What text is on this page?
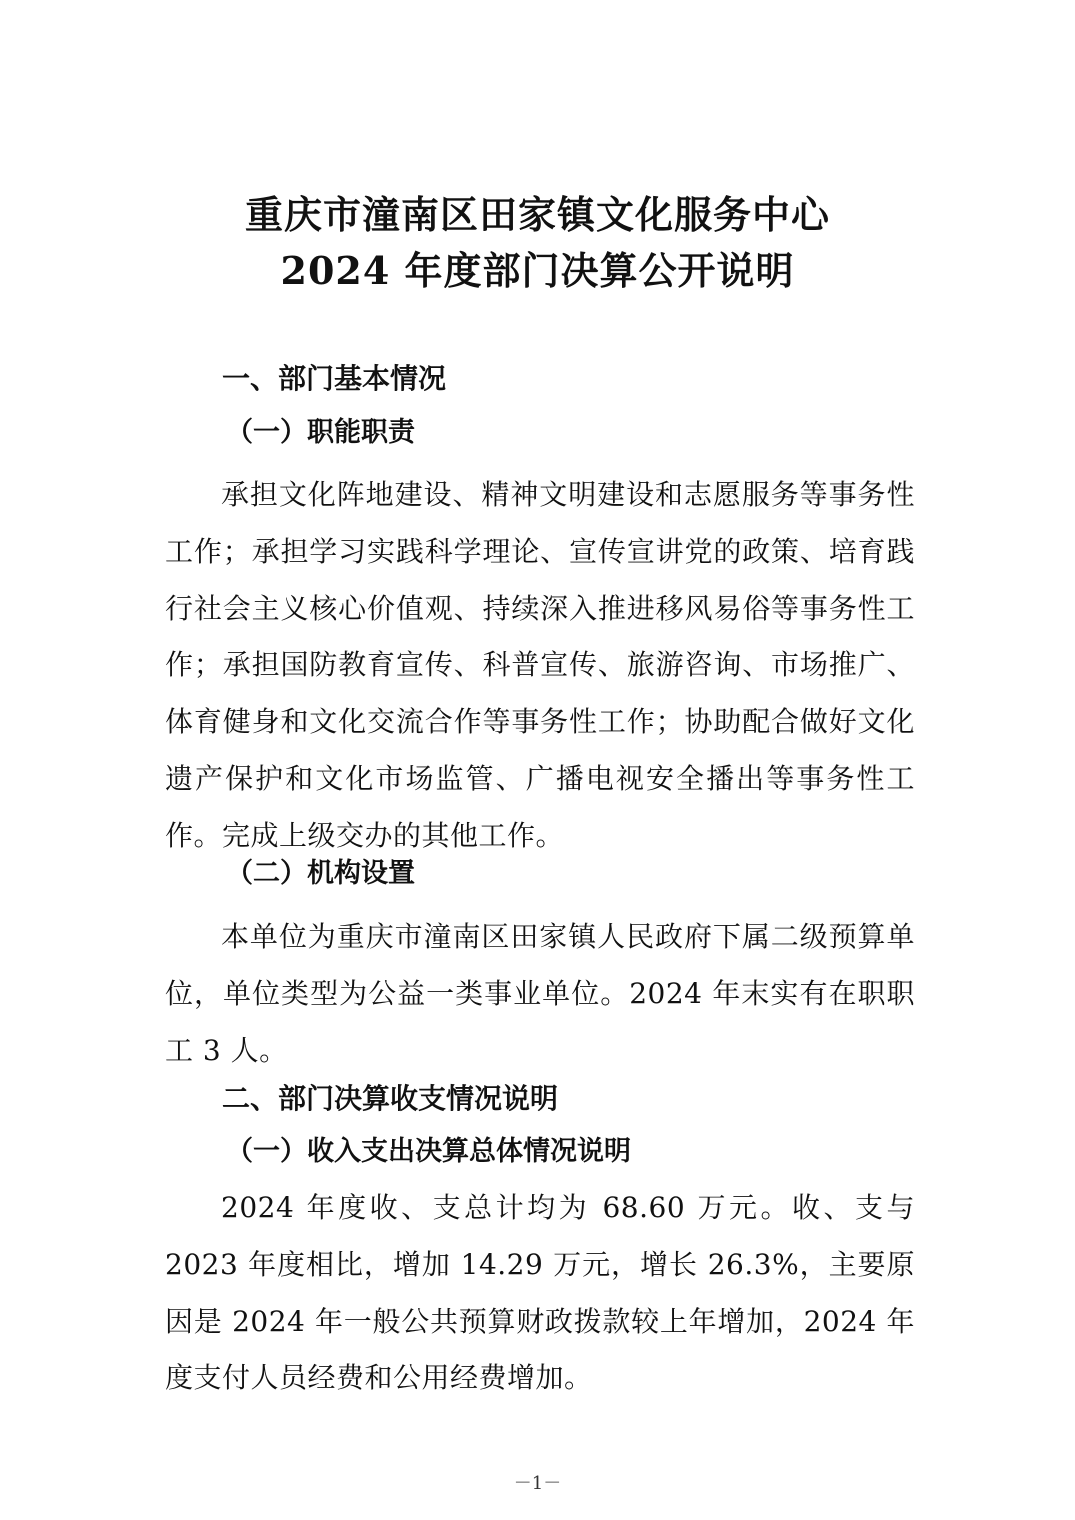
重庆市潼南区田家镇文化服务中心
2024 年度部门决算公开说明
一、部门基本情况
（一）职能职责
承担文化阵地建设、精神文明建设和志愿服务等事务性工作；承担学习实践科学理论、宣传宣讲党的政策、培育践行社会主义核心价值观、持续深入推进移风易俗等事务性工作；承担国防教育宣传、科普宣传、旅游咨询、市场推广、体育健身和文化交流合作等事务性工作；协助配合做好文化遗产保护和文化市场监管、广播电视安全播出等事务性工作。完成上级交办的其他工作。
（二）机构设置
本单位为重庆市潼南区田家镇人民政府下属二级预算单位，单位类型为公益一类事业单位。2024 年末实有在职职工 3 人。
二、部门决算收支情况说明
（一）收入支出决算总体情况说明
2024 年度收、支总计均为 68.60 万元。收、支与 2023 年度相比，增加 14.29 万元，增长 26.3%，主要原因是 2024 年一般公共预算财政拨款较上年增加，2024 年度支付人员经费和公用经费增加。
－1－
